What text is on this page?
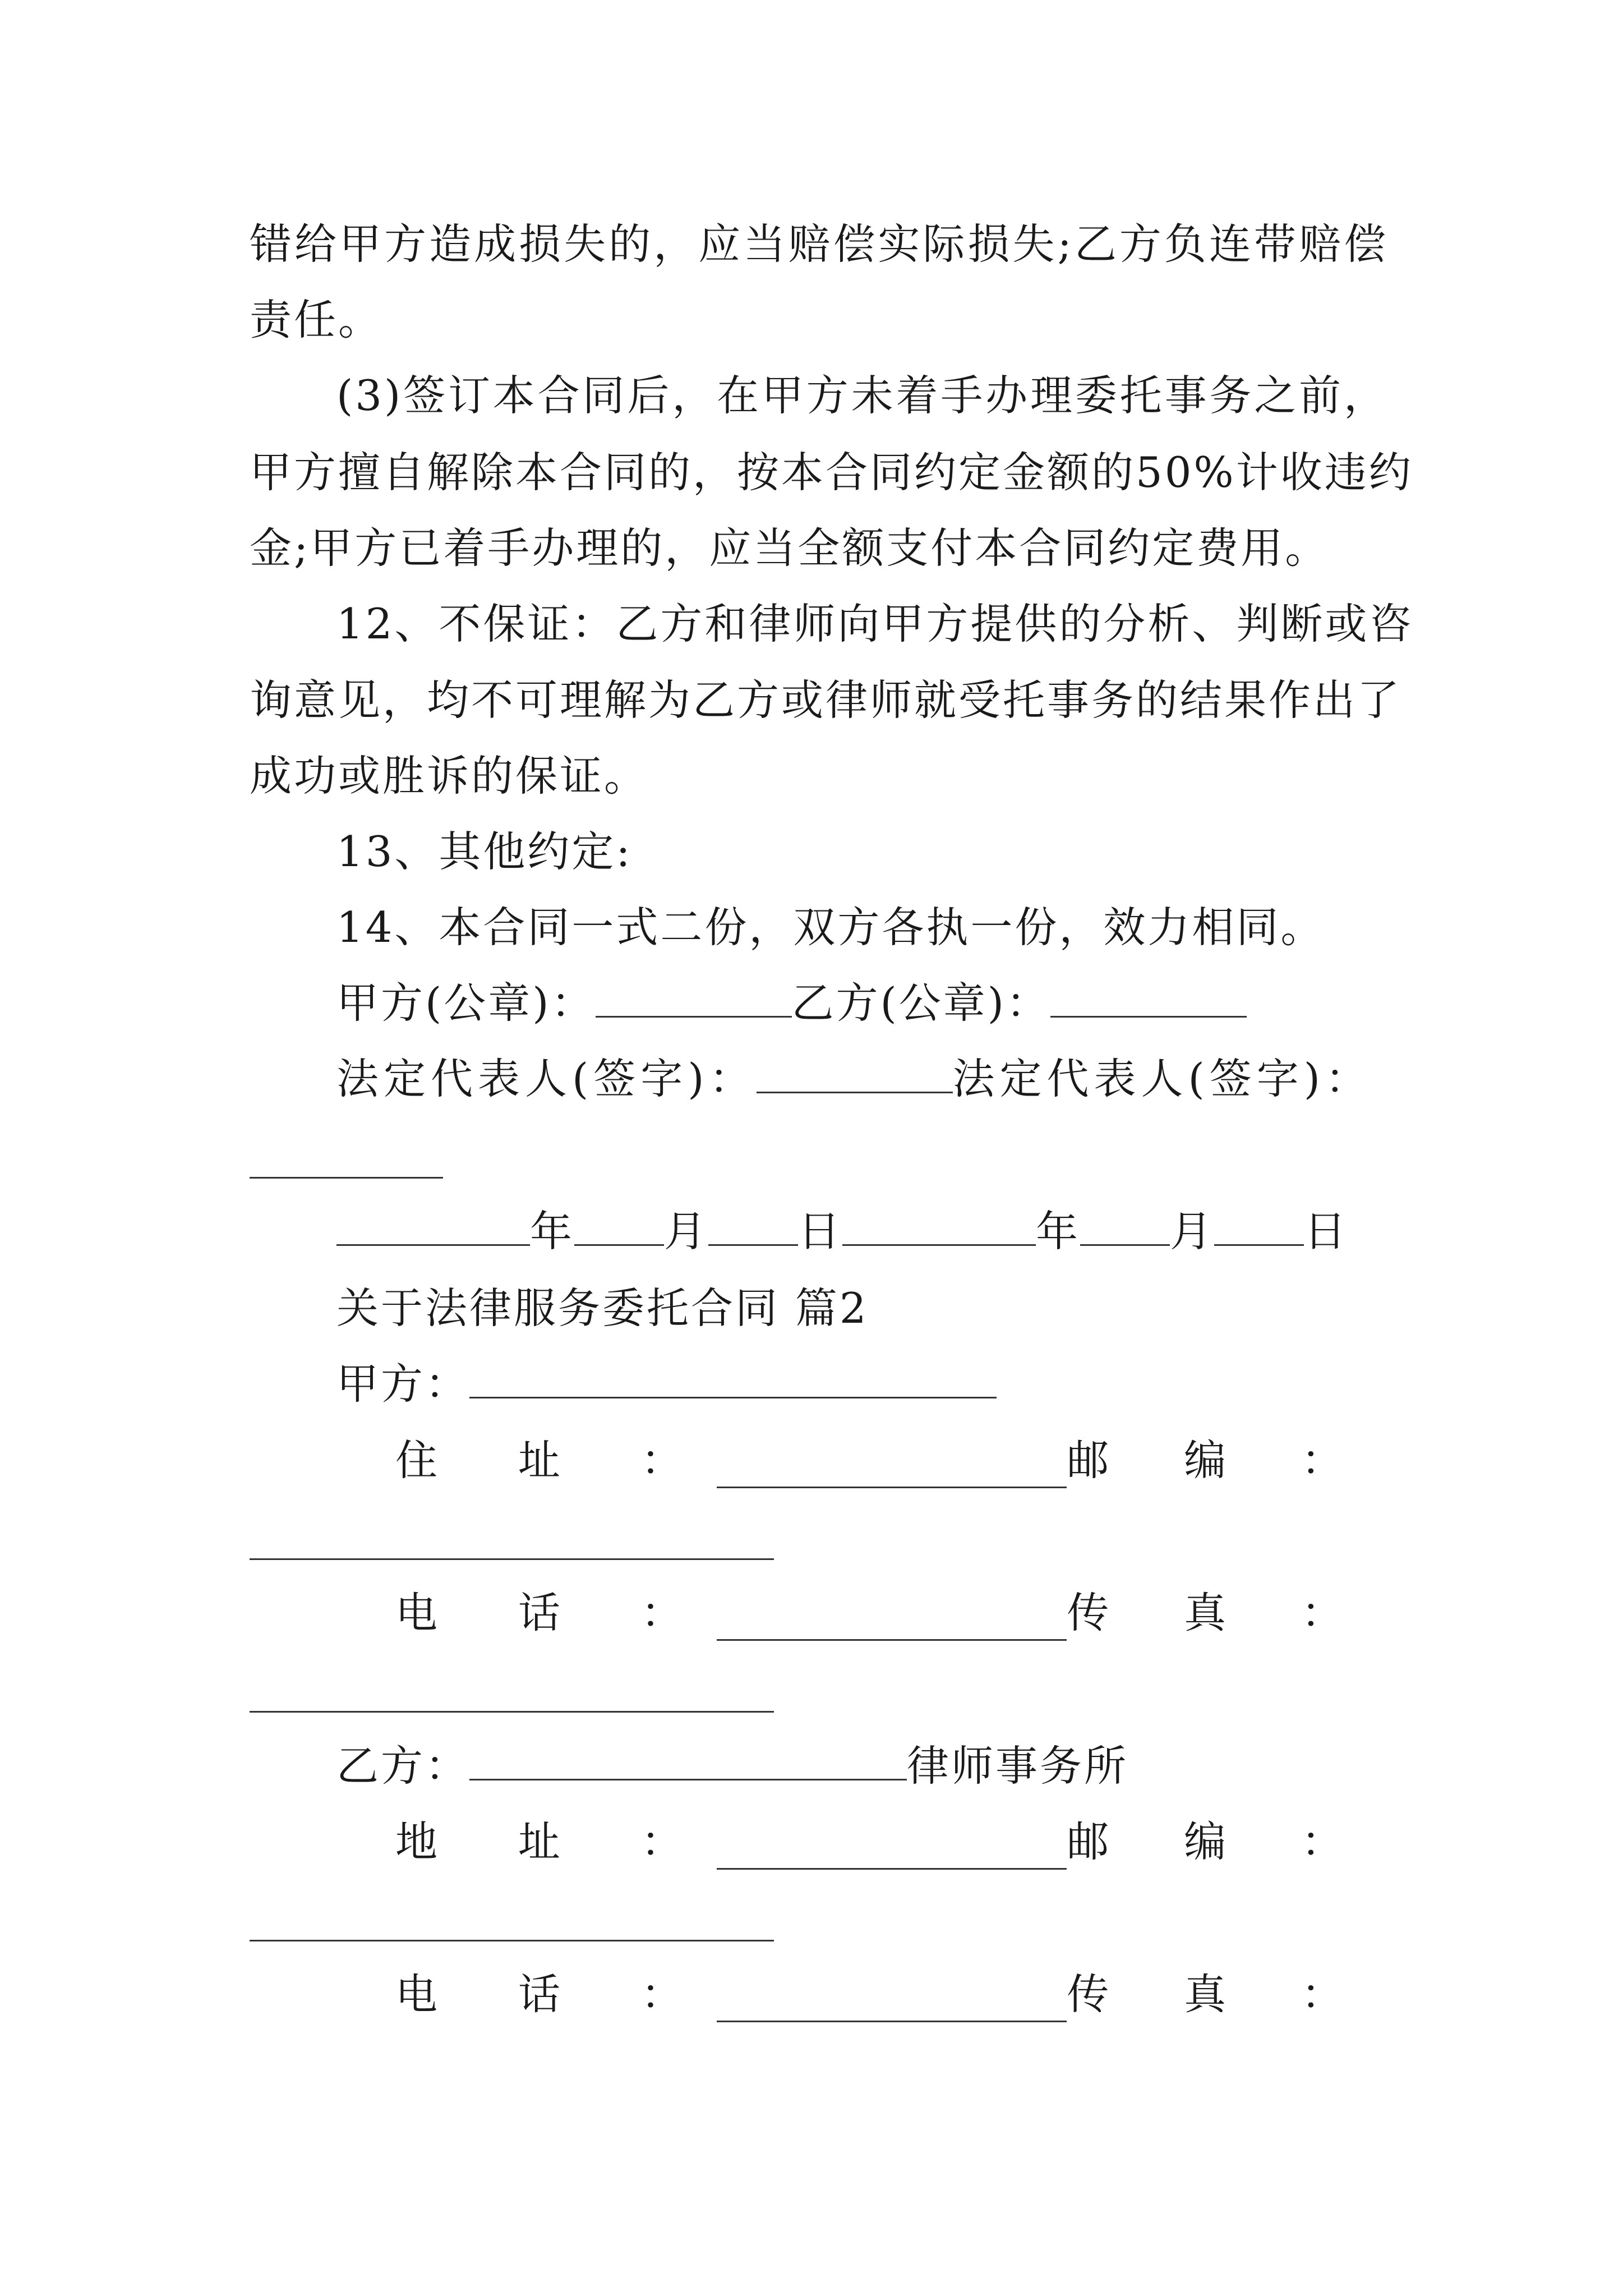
错给甲方造成损失的，应当赔偿实际损失;乙方负连带赔偿
责任。
(3)签订本合同后，在甲方未着手办理委托事务之前，
甲方擅自解除本合同的，按本合同约定金额的50%计收违约
金;甲方已着手办理的，应当全额支付本合同约定费用。
12、不保证：乙方和律师向甲方提供的分析、判断或咨
询意见，均不可理解为乙方或律师就受托事务的结果作出了
成功或胜诉的保证。
13、其他约定:
14、本合同一式二份，双方各执一份，效力相同。
甲方(公章)：	乙方(公章)：
法定代表人(签字)：	法定代表人(签字)：
年 月 日	年 月 日
关于法律服务委托合同 篇2
甲方：
住 址 ：	邮 编 ：
电 话 ：	传 真 ：
乙方：	律师事务所
地 址 ：	邮 编 ：
电 话 ：	传 真 ：
